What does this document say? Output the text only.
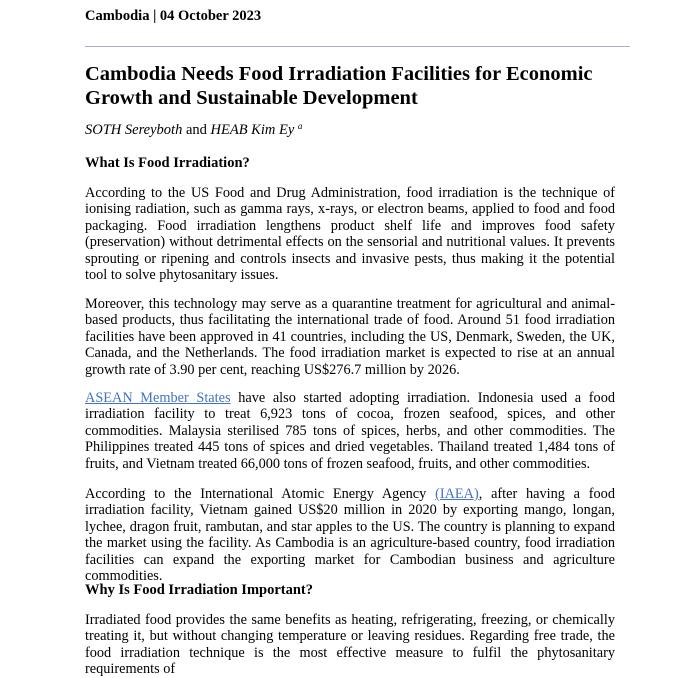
Cambodia | 04 October 2023
Cambodia Needs Food Irradiation Facilities for Economic Growth and Sustainable Development
SOTH Sereyboth and HEAB Kim Ey $^a$
What Is Food Irradiation?

According to the US Food and Drug Administration, food irradiation is the technique of ionising radiation, such as gamma rays, x-rays, or electron beams, applied to food and food packaging. Food irradiation lengthens product shelf life and improves food safety (preservation) without detrimental effects on the sensorial and nutritional values. It prevents sprouting or ripening and controls insects and invasive pests, thus making it the potential tool to solve phytosanitary issues.

Moreover, this technology may serve as a quarantine treatment for agricultural and animal-based products, thus facilitating the international trade of food. Around 51 food irradiation facilities have been approved in 41 countries, including the US, Denmark, Sweden, the UK, Canada, and the Netherlands. The food irradiation market is expected to rise at an annual growth rate of 3.90 per cent, reaching US$276.7 million by 2026.

ASEAN Member States have also started adopting irradiation. Indonesia used a food irradiation facility to treat 6,923 tons of cocoa, frozen seafood, spices, and other commodities. Malaysia sterilised 785 tons of spices, herbs, and other commodities. The Philippines treated 445 tons of spices and dried vegetables. Thailand treated 1,484 tons of fruits, and Vietnam treated 66,000 tons of frozen seafood, fruits, and other commodities.

According to the International Atomic Energy Agency (IAEA), after having a food irradiation facility, Vietnam gained US$20 million in 2020 by exporting mango, longan, lychee, dragon fruit, rambutan, and star apples to the US. The country is planning to expand the market using the facility. As Cambodia is an agriculture-based country, food irradiation facilities can expand the exporting market for Cambodian business and agriculture commodities.

Why Is Food Irradiation Important?

Irradiated food provides the same benefits as heating, refrigerating, freezing, or chemically treating it, but without changing temperature or leaving residues. Regarding free trade, the food irradiation technique is the most effective measure to fulfil the phytosanitary requirements of
